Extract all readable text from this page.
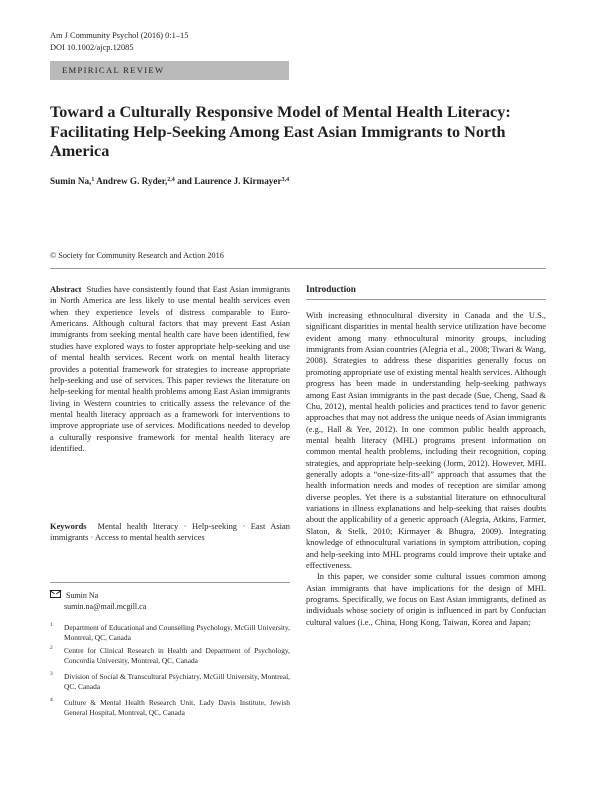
Am J Community Psychol (2016) 0:1–15
DOI 10.1002/ajcp.12085
EMPIRICAL REVIEW
Toward a Culturally Responsive Model of Mental Health Literacy: Facilitating Help-Seeking Among East Asian Immigrants to North America
Sumin Na,$^1$ Andrew G. Ryder,$^{2,4}$ and Laurence J. Kirmayer$^{3,4}$
© Society for Community Research and Action 2016
Abstract Studies have consistently found that East Asian immigrants in North America are less likely to use mental health services even when they experience levels of distress comparable to Euro-Americans. Although cultural factors that may prevent East Asian immigrants from seeking mental health care have been identified, few studies have explored ways to foster appropriate help-seeking and use of mental health services. Recent work on mental health literacy provides a potential framework for strategies to increase appropriate help-seeking and use of services. This paper reviews the literature on help-seeking for mental health problems among East Asian immigrants living in Western countries to critically assess the relevance of the mental health literacy approach as a framework for interventions to improve appropriate use of services. Modifications needed to develop a culturally responsive framework for mental health literacy are identified.
Keywords Mental health literacy · Help-seeking · East Asian immigrants · Access to mental health services
Introduction

With increasing ethnocultural diversity in Canada and the U.S., significant disparities in mental health service utilization have become evident among many ethnocultural minority groups, including immigrants from Asian countries (Alegria et al., 2008; Tiwari & Wang, 2008). Strategies to address these disparities generally focus on promoting appropriate use of existing mental health services. Although progress has been made in understanding help-seeking pathways among East Asian immigrants in the past decade (Sue, Cheng, Saad & Chu, 2012), mental health policies and practices tend to favor generic approaches that may not address the unique needs of Asian immigrants (e.g., Hall & Yee, 2012). In one common public health approach, mental health literacy (MHL) programs present information on common mental health problems, including their recognition, coping strategies, and appropriate help-seeking (Jorm, 2012). However, MHL generally adopts a “one-size-fits-all” approach that assumes that the health information needs and modes of reception are similar among diverse peoples. Yet there is a substantial literature on ethnocultural variations in illness explanations and help-seeking that raises doubts about the applicability of a generic approach (Alegria, Atkins, Farmer, Slaton, & Stelk, 2010; Kirmayer & Bhugra, 2009). Integrating knowledge of ethnocultural variations in symptom attribution, coping and help-seeking into MHL programs could improve their uptake and effectiveness.

In this paper, we consider some cultural issues common among Asian immigrants that have implications for the design of MHL programs. Specifically, we focus on East Asian immigrants, defined as individuals whose society of origin is influenced in part by Confucian cultural values (i.e., China, Hong Kong, Taiwan, Korea and Japan;

Sumin Na
sumin.na@mail.mcgill.ca
1 Department of Educational and Counselling Psychology, McGill University, Montreal, QC, Canada
2 Centre for Clinical Research in Health and Department of Psychology, Concordia University, Montreal, QC, Canada
3 Division of Social & Transcultural Psychiatry, McGill University, Montreal, QC, Canada
4 Culture & Mental Health Research Unit, Lady Davis Institute, Jewish General Hospital, Montreal, QC, Canada
